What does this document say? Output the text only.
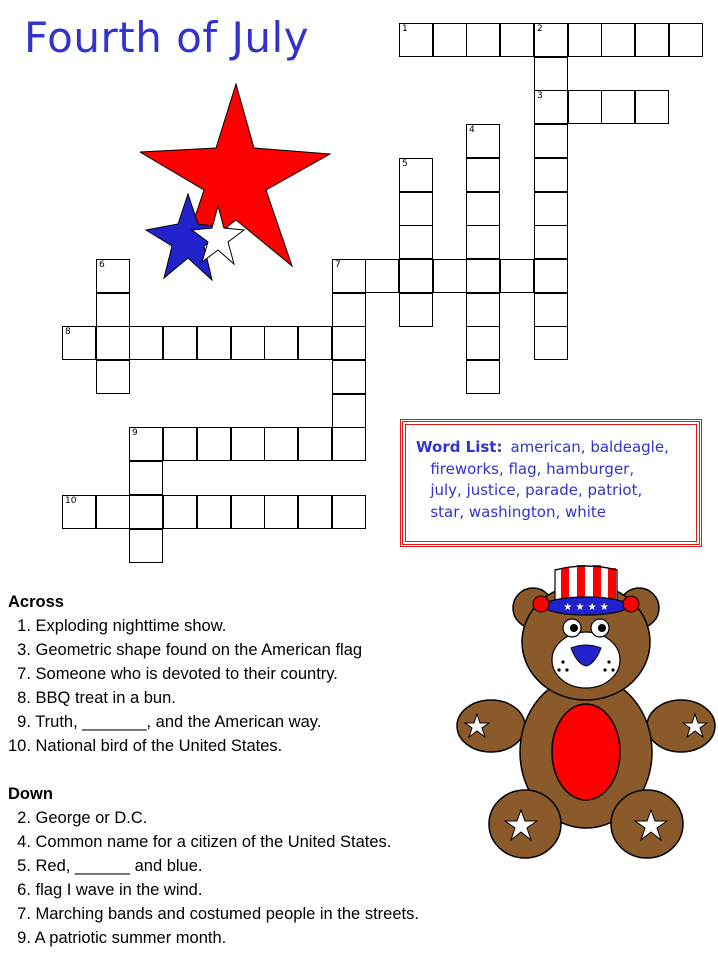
Fourth of July	1	2
3
7
8
9
10
4
5
6
Word List: american, baldeagle,
fireworks, flag, hamburger,
july, justice, parade, patriot,
star, washington, white
Across
1. Exploding nighttime show.
3. Geometric shape found on the American flag
7. Someone who is devoted to their country.
8. BBQ treat in a bun.
9. Truth, _______, and the American way.
10. National bird of the United States.
Down
2. George or D.C.
4. Common name for a citizen of the United States.
5. Red, ______ and blue.
6. flag I wave in the wind.
7. Marching bands and costumed people in the streets.
9. A patriotic summer month.
★ ★ ★ ★
